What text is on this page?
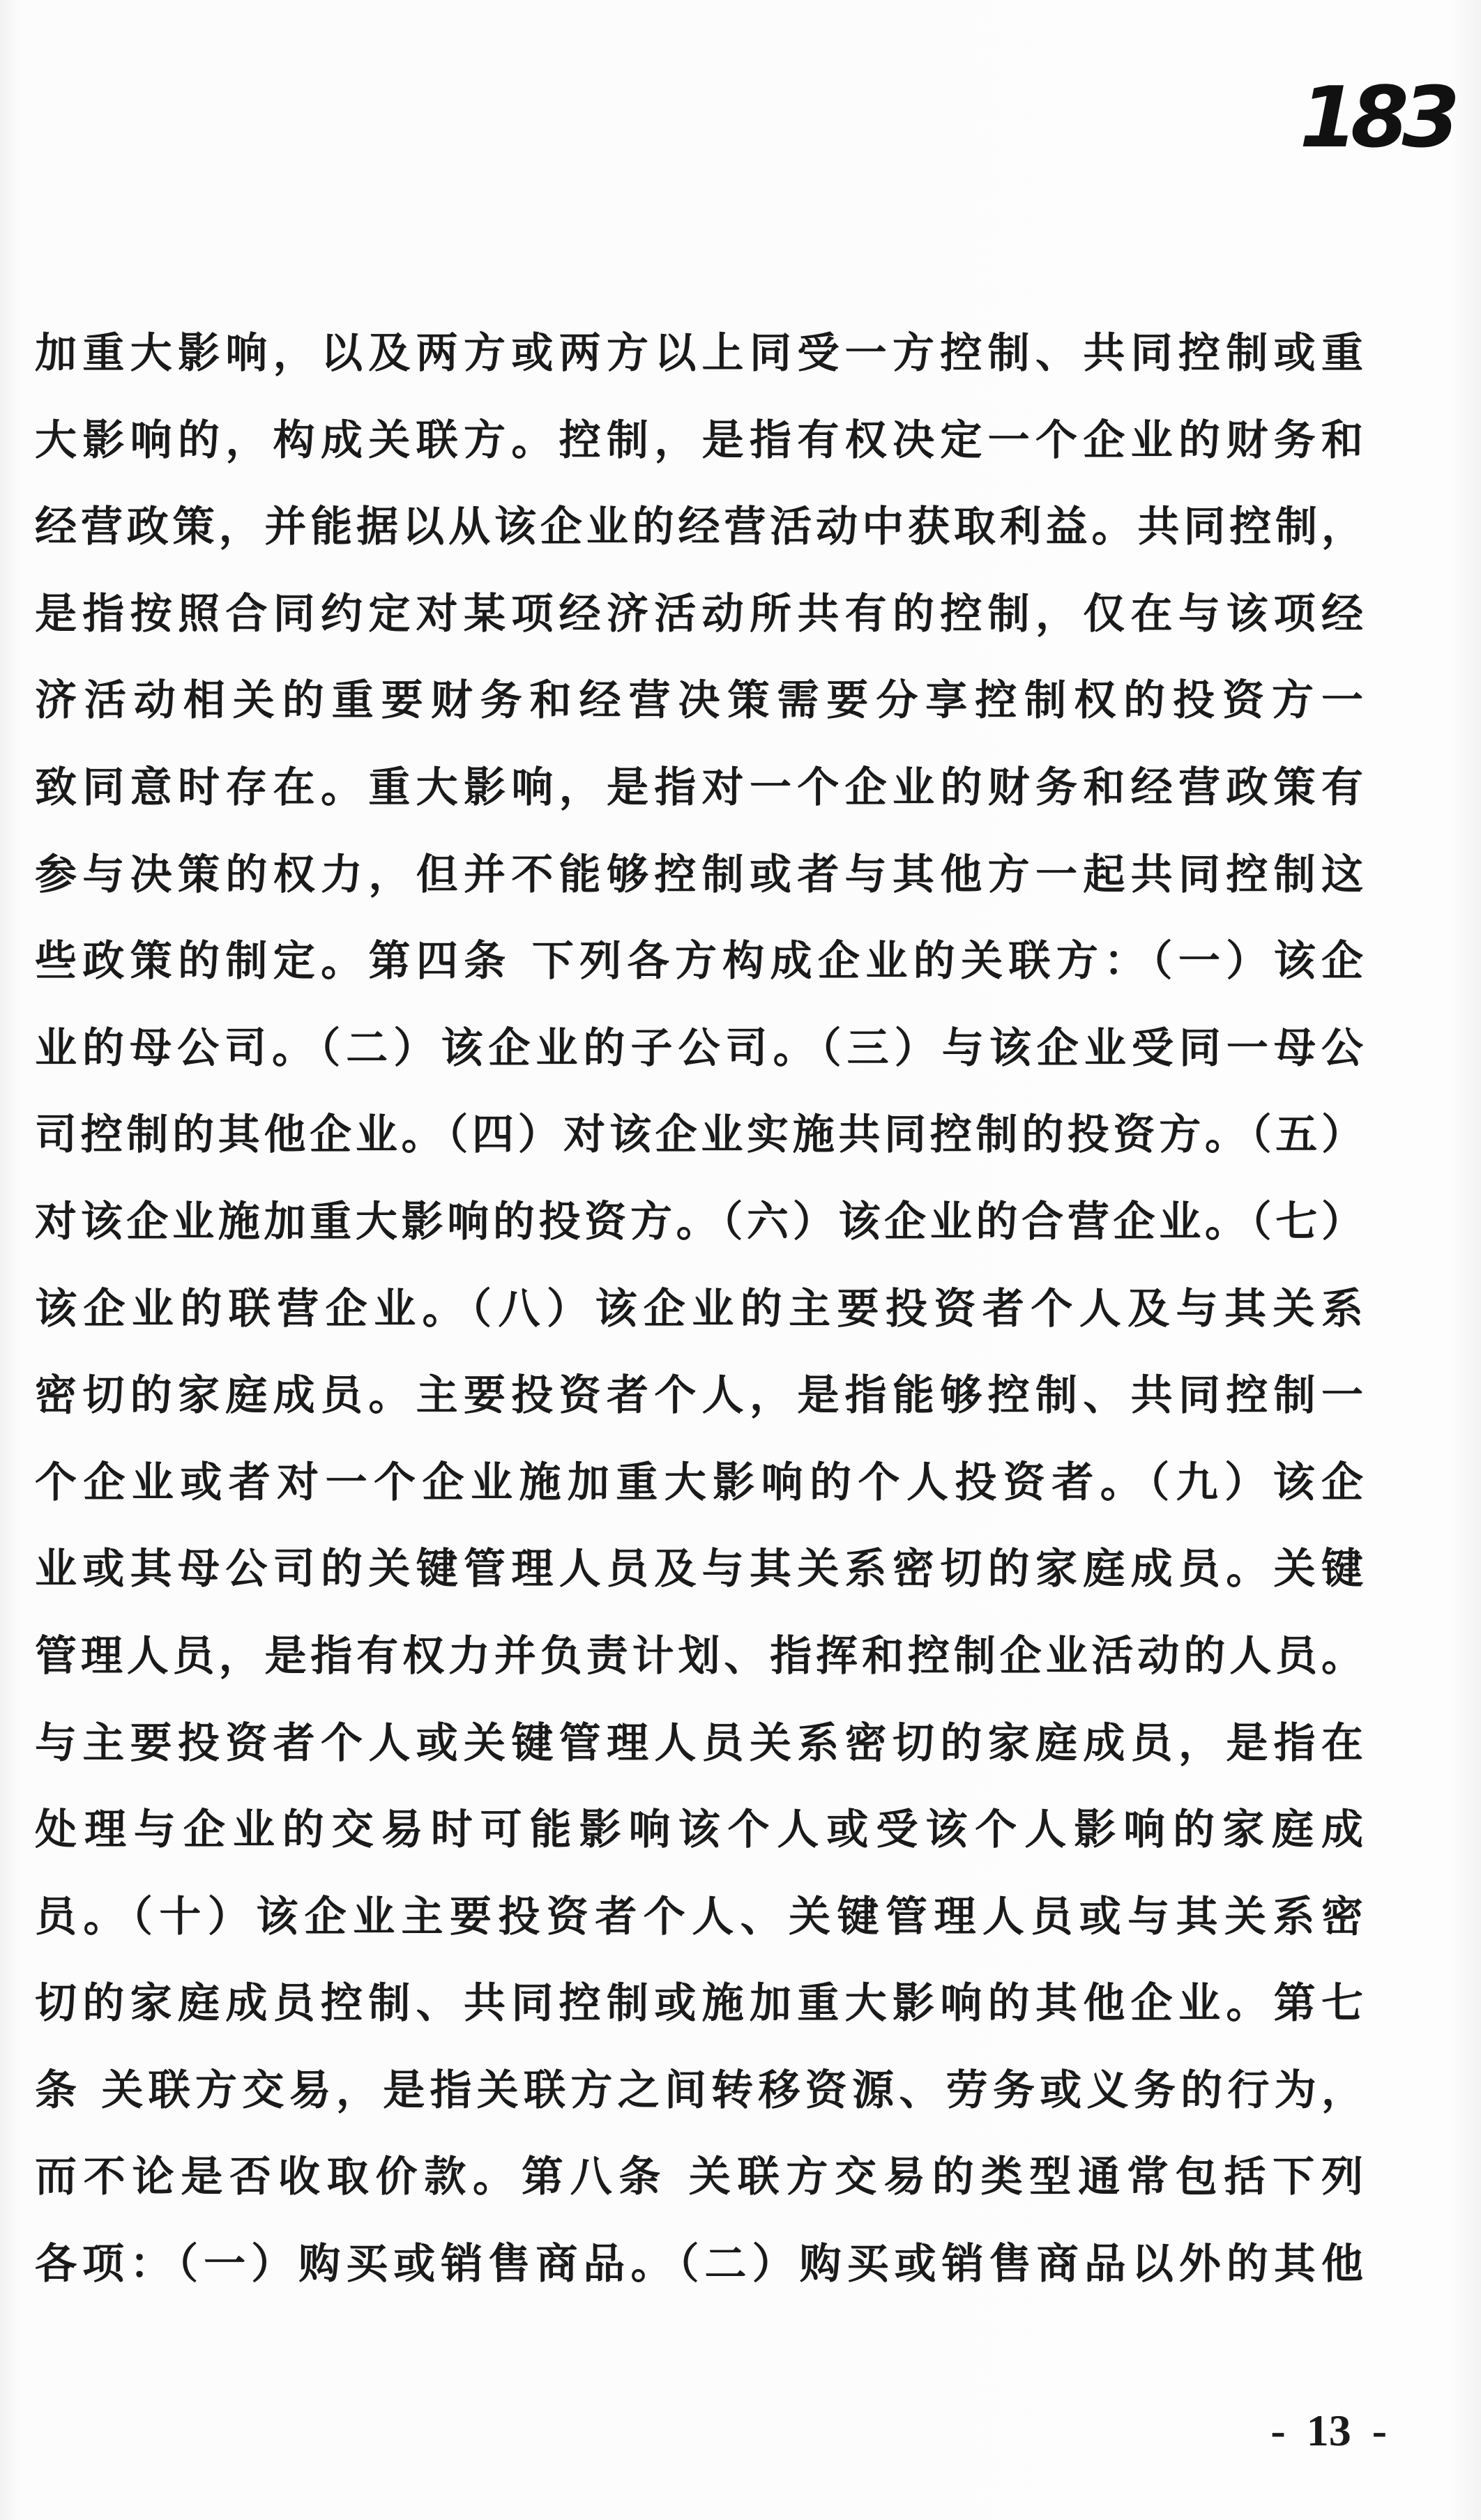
183
加重大影响，以及两方或两方以上同受一方控制、共同控制或重
大影响的，构成关联方。控制，是指有权决定一个企业的财务和
经营政策，并能据以从该企业的经营活动中获取利益。共同控制，
是指按照合同约定对某项经济活动所共有的控制，仅在与该项经
济活动相关的重要财务和经营决策需要分享控制权的投资方一
致同意时存在。重大影响，是指对一个企业的财务和经营政策有
参与决策的权力，但并不能够控制或者与其他方一起共同控制这
些政策的制定。第四条 下列各方构成企业的关联方：（一）该企
业的母公司。（二）该企业的子公司。（三）与该企业受同一母公
司控制的其他企业。（四）对该企业实施共同控制的投资方。（五）
对该企业施加重大影响的投资方。（六）该企业的合营企业。（七）
该企业的联营企业。（八）该企业的主要投资者个人及与其关系
密切的家庭成员。主要投资者个人，是指能够控制、共同控制一
个企业或者对一个企业施加重大影响的个人投资者。（九）该企
业或其母公司的关键管理人员及与其关系密切的家庭成员。关键
管理人员，是指有权力并负责计划、指挥和控制企业活动的人员。
与主要投资者个人或关键管理人员关系密切的家庭成员，是指在
处理与企业的交易时可能影响该个人或受该个人影响的家庭成
员。（十）该企业主要投资者个人、关键管理人员或与其关系密
切的家庭成员控制、共同控制或施加重大影响的其他企业。第七
条 关联方交易，是指关联方之间转移资源、劳务或义务的行为，
而不论是否收取价款。第八条 关联方交易的类型通常包括下列
各项：（一）购买或销售商品。（二）购买或销售商品以外的其他
- 13 -
